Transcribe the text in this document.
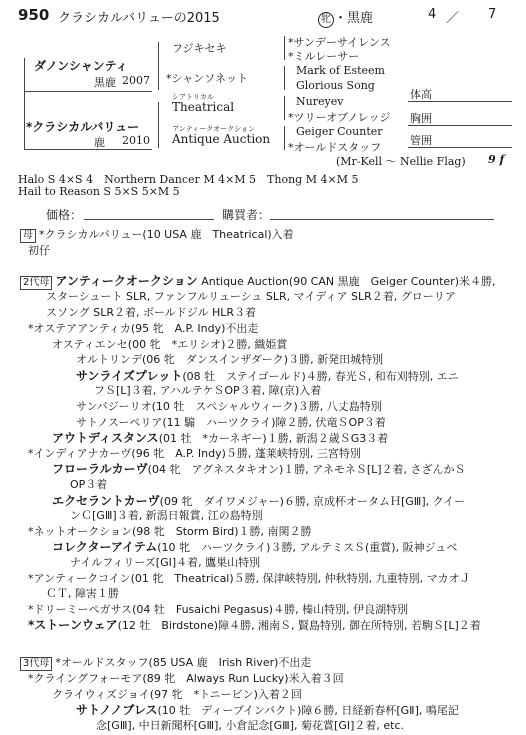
950 クラシカルバリューの2015	牝 ・黒鹿	4 ／ 7
ダノンシャンティ
黒鹿 2007
*クラシカルバリュー
鹿 2010
フジキセキ
*シャンソネット
シアトリカル
Theatrical
アンティークオークション
Antique Auction
*サンデーサイレンス
*ミルレーサー
Mark of Esteem
Glorious Song
Nureyev
*ツリーオブノレッジ
Geiger Counter
*オールドスタッフ
体高
胸囲
管囲
(Mr-Kell ～ Nellie Flag) 9 f
Halo S 4×S 4　Northern Dancer M 4×M 5　Thong M 4×M 5
Hail to Reason S 5×S 5×M 5
価格：	購買者：
母 *クラシカルバリュー(10 USA 鹿　Theatrical)入着
初仔
2代母 アンティークオークション Antique Auction(90 CAN 黒鹿　Geiger Counter)米４勝,
スターシュート SLR, ファンフルリューシュ SLR, マイディア SLR２着, グローリア
スソング SLR２着, ボールドジル HLR３着
*オステアアンティカ(95 牝　A.P. Indy)不出走
オスティエンセ(00 牝　*エリシオ)２勝, 織姫賞
オルトリンデ(06 牝　ダンスインザダーク)３勝, 新発田城特別
サンライズプレット(08 牡　ステイゴールド)４勝, 春光Ｓ, 和布刈特別, エニ
フＳ[L]３着, アハルテケＳOP３着, 障(京)入着
サンバジーリオ(10 牡　スペシャルウィーク)３勝, 八丈島特別
サトノスーペリア(11 騸　ハーツクライ)障２勝, 伏竜ＳOP３着
アウトディスタンス(01 牡　*カーネギー)１勝, 新潟２歳ＳG3３着
*インディアナカーヴ(96 牝　A.P. Indy)５勝, 蓬莱峡特別, 三宮特別
フローラルカーヴ(04 牝　アグネスタキオン)１勝, アネモネＳ[L]２着, さざんかＳ
OP３着
エクセラントカーヴ(09 牝　ダイワメジャー)６勝, 京成杯オータムＨ[GⅢ], クイー
ンＣ[GⅢ]３着, 新潟日報賞, 江の島特別
*ネットオークション(98 牝　Storm Bird)１勝, 南関２勝
コレクターアイテム(10 牝　ハーツクライ)３勝, アルテミスＳ(重賞), 阪神ジュベ
ナイルフィリーズ[GⅠ]４着, 鷹巣山特別
*アンティークコイン(01 牝　Theatrical)５勝, 保津峡特別, 仲秋特別, 九重特別, マカオＪ
ＣＴ, 障害１勝
*ドリーミーペガサス(04 牡　Fusaichi Pegasus)４勝, 榛山特別, 伊良湖特別
*ストーンウェア(12 牡　Birdstone)障４勝, 湘南Ｓ, 賢島特別, 御在所特別, 若駒Ｓ[L]２着
3代母 *オールドスタッフ(85 USA 鹿　Irish River)不出走
*クライングフォーモア(89 牝　Always Run Lucky)米入着３回
クライウィズジョイ(97 牝　*トニービン)入着２回
サトノノブレス(10 牡　ディープインパクト)障６勝, 日経新春杯[GⅡ], 鳴尾記
念[GⅢ], 中日新聞杯[GⅢ], 小倉記念[GⅢ], 菊花賞[GⅠ]２着, etc.
